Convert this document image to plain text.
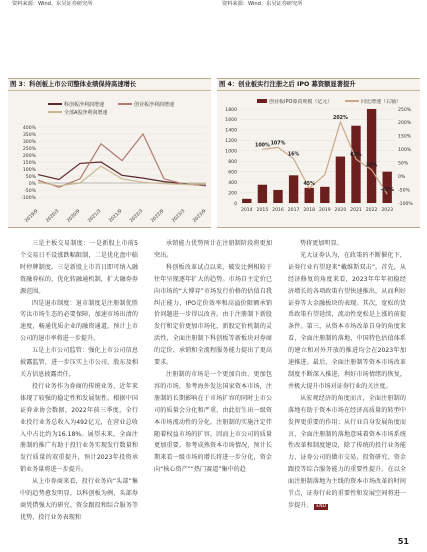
资料来源：Wind、东吴证券研究所	资料来源：Wind、东吴证券研究所
图 3：科创板上市公司整体业绩保持高速增长
科创板净利润增速	创业板净利润增速
全部A股净利润增速
-100%
-50%
0%
50%
100%
150%
200%
250%
300%
350%
400%
2019/9 2020/3 2020/9 2021/3 2021/9 2022/3 2022/9 2023/3 2023/9
图 4：创业板实行注册之后 IPO 募资额显著提升
创业板IPO募资规模（亿元）	同比增速（右轴）
0
200
400
600
800
1000
1200
1400
1600
1800
-100%
-50%
0%
50%
100%
150%
200%
250%
2014 2015 2016 2017 2018 2019 2020 2021 2022 2023
100% 107%
16%
45%
202%
63%
24%
-67%

三是主板交易制度：一是新股上市前5个交易日不设涨跌幅限制，二是优化盘中临时停牌制度。三是新股上市首日即可纳入融资融券标的，优化转融通机制，扩大融券券源范围。

四是退市制度：退市制度是注册制优胜劣汰市场生态的必要保障，加速市场出清的速度，畅通优质企业的融资通道，预计上市公司的退市率将进一步提升。

五是上市公司监管：强化上市公司信息披露监管，进一步压实上市公司、股东及相关方信息披露责任。

投行业务作为券商的传统业务，近年来体现了较强的稳定性和发展韧性。根据中国证券业协会数据，2022年前三季度，全行业投行业务总收入为492亿元，在营业总收入中占比约为16.18%。展望未来，全面注册制的推广有助于投行业务实现发行数量和发行质量的双重提升，预计2023年投资承销业务量将进一步提升。

从上市券商来看，投行业务向“头部”集中的趋势愈发明显。以科创板为例，头部券商凭借强大的研究、资金跟投和综合服务等优势，投行业务表现和

承销能力优势预计在注册制阶段将更加突出。

科创板改革试点以来，破发比例相较于往年呈现逐年扩大的趋势。市场自主定价已向市场的“大博弈”市场发行价格的估值自我纠正能力，IPO定价效率和高溢价限额承销价问题进一步得以改善。由于注册制下新股发行和定价更加市场化，新股定价机制的灵活性，全面注册制下科创板等新板块对券商的定价、承销和全流程服务能力提出了更高要求。

注册制的市场是一个更加自由、更加包容的市场，参考海外发达国家资本市场，注册制的长期影响在于市场扩容的同时上市公司的质量会分化和严重，由此衍生出一级资本市场流动性的分化。注册制的实施注定伴随着权益市场的扩容，因而上市公司的质量更加重要。参考成熟资本市场情况，预计长期来看一级市场的增长将进一步分化，资金向“核心资产”“热门赛道”集中的趋

势将更加明显。

光大证券认为，在政策的不断催化下，证券行业有望迎来“戴维斯双击”。首先，从经济修复的角度来看，2023年年年初稳经济增长的各项政策有望快速推出，从而利好证券等大金融板块的表现。其次，宽松的货币政策有望延续，流动性宽松是上涨的前提条件。第三，从资本市场改革自身的角度来看，全面注册制的落地，中国特色估值体系的建立和对外开放的推进均会在2023年加速推进。最后，全面注册制等资本市场改革制度不断深入推进，利好市场情绪的恢复，并极大提升市场对证券行业的关注度。

从宏观经济的角度而言，全面注册制的落地有助于资本市场在经济高质量的转型中发挥更重要的作用；从行业自身发展角度而言，全面注册制的落地意味着资本市场系统性改革和制度建设，除了传统的投行业务能力，证券公司的做市交易、投资研究、资金跟投等综合服务能力的重要性提升。在以全面注册制落地为主线的资本市场改革的时间节点，证券行业的重要性和发展空间将进一步提升。 END

51
